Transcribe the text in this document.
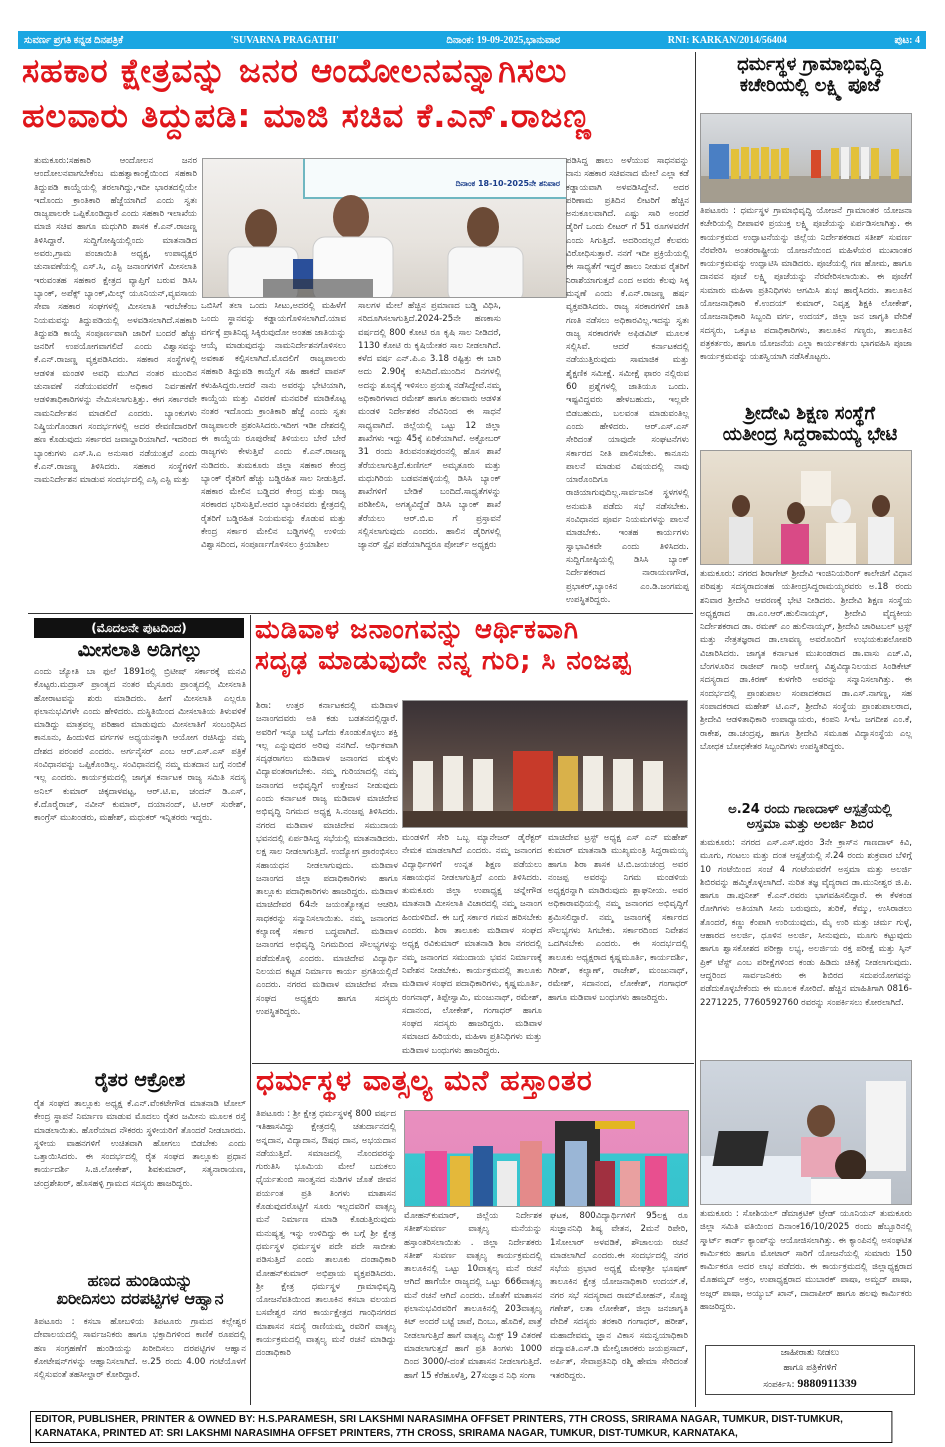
ಸುವರ್ಣ ಪ್ರಗತಿ ಕನ್ನಡ ದಿನಪತ್ರಿಕೆ	'SUVARNA PRAGATHI'	ದಿನಾಂಕ: 19-09-2025,ಭಾನುವಾರ	RNI: KARKAN/2014/56404	ಪುಟ: 4
ಸಹಕಾರ ಕ್ಷೇತ್ರವನ್ನು ಜನರ ಆಂದೋಲನವನ್ನಾಗಿಸಲು
ಹಲವಾರು ತಿದ್ದುಪಡಿ: ಮಾಜಿ ಸಚಿವ ಕೆ.ಎನ್.ರಾಜಣ್ಣ
ದಿನಾಂಕ 18-10-2025ನೇ ಶನಿವಾರ
ತುಮಕೂರು:ಸಹಕಾರಿ ಆಂದೋಲನ ಜನರ ಆಂದೋಲನವಾಗಬೇಕೆಂಬ ಮಹತ್ವಾಕಾಂಕ್ಷೆಯಿಂದ ಸಹಕಾರಿ ತಿದ್ದುಪಡಿ ಕಾಯ್ದೆಯಲ್ಲಿ ತರಲಾಗಿದ್ದು,ಇದೀ ಭಾರತದಲ್ಲಿಯೇ ಇದೊಂದು ಕ್ರಾಂತಿಕಾರಿ ಹೆಜ್ಜೆಯಾಗಿದೆ ಎಂದು ಸ್ವತಃ ರಾಜ್ಯಪಾಲರೇ ಒಪ್ಪಿಕೊಂಡಿದ್ದಾರೆ ಎಂದು ಸಹಕಾರಿ ಇಲಾಖೆಯ ಮಾಜಿ ಸಚಿವ ಹಾಗೂ ಮಧುಗಿರಿ ಶಾಸಕ ಕೆ.ಎನ್.ರಾಜಣ್ಣ ತಿಳಿಸಿದ್ದಾರೆ. ಸುದ್ದಿಗೋಷ್ಠಿಯಲ್ಲಿಂದು ಮಾತನಾಡಿದ ಅವರು,ಗ್ರಾಮ ಪಂಚಾಯಿತಿ ಅಧ್ಯಕ್ಷ, ಉಪಾಧ್ಯಕ್ಷರ ಚುನಾವಣೆಯಲ್ಲಿ ಎಸ್.ಸಿ, ಎಸ್ಟಿ ಜನಾಂಗಗಳಿಗೆ ಮೀಸಲಾತಿ ಇರುವಂತಹ ಸಹಕಾರ ಕ್ಷೇತ್ರದ ವ್ಯಾಪ್ತಿಗೆ ಬರುವ ಡಿಸಿಸಿ ಬ್ಯಾಂಕ್, ಅಪೆಕ್ಸ್ ಬ್ಯಾಂಕ್,ಮಿಲ್ಕ್ ಯೂನಿಯನ್,ವ್ಯವಸಾಯ ಸೇವಾ ಸಹಕಾರ ಸಂಘಗಳಲ್ಲಿ ಮೀಸಲಾತಿ ಇರಬೇಕೆಂಬ ನಿಯಮವನ್ನು ತಿದ್ದುಪಡಿಯಲ್ಲಿ ಅಳವಡಿಸಲಾಗಿದೆ.ಸಹಕಾರಿ ತಿದ್ದುಪಡಿ ಕಾಯ್ದೆ ಸಂಪೂರ್ಣವಾಗಿ ಜಾರಿಗೆ ಬಂದರೆ ಹೆಚ್ಚು ಜನರಿಗೆ ಉಪಯೋಗವಾಗಲಿದೆ ಎಂದು ವಿಶ್ವಾಸವನ್ನು ಕೆ.ಎನ್.ರಾಜಣ್ಣ ವ್ಯಕ್ತಪಡಿಸಿದರು. ಸಹಕಾರ ಸಂಸ್ಥೆಗಳಲ್ಲಿ ಆಡಳಿತ ಮಂಡಳಿ ಅವಧಿ ಮುಗಿದ ನಂತರ ಮುಂದಿನ ಚುನಾವಣೆ ನಡೆಯುವವರೆಗೆ ಅಧಿಕಾರ ನಿರ್ವಹಣೆಗೆ ಆಡಳಿತಾಧಿಕಾರಿಗಳನ್ನು ನೇಮಿಸಲಾಗುತ್ತಿತ್ತು. ಈಗ ಸರ್ಕಾರವೇ ನಾಮನಿರ್ದೇಶನ ಮಾಡಲಿದೆ ಎಂದರು. ಬ್ಯಾಂಕುಗಳು ನಿಷ್ಕ್ರಿಯಗೊಂಡಾಗ ಸಂದರ್ಭಗಳಲ್ಲಿ ಅದರ ಠೇವಣಿದಾರರಿಗೆ ಹಣ ಕೊಡುವುದು ಸರ್ಕಾರದ ಜವಾಬ್ದಾರಿಯಾಗಿದೆ. ಇದರಿಂದ ಬ್ಯಾಂಕುಗಳು ಎಸ್.ಸಿ.ಎ ಅನುಸಾರ ನಡೆಯುತ್ತವೆ ಎಂದು ಕೆ.ಎನ್.ರಾಜಣ್ಣ ತಿಳಿಸಿದರು. ಸಹಕಾರ ಸಂಸ್ಥೆಗಳಿಗೆ ನಾಮನಿರ್ದೇಶನ ಮಾಡುವ ಸಂದರ್ಭದಲ್ಲಿ ಎಸ್ಸಿ ಎಸ್ಟಿ ಮತ್ತು
ಒಬಿಸಿಗೆ ತಲಾ ಒಂದು ಸೀಟು,ಅದರಲ್ಲಿ ಮಹಿಳೆಗೆ ಒಂದು ಸ್ಥಾನವನ್ನು ಕಡ್ಡಾಯಗೊಳಿಸಲಾಗಿದೆ.ಯಾವ ವರ್ಗಕ್ಕೆ ಪ್ರಾತಿನಿಧ್ಯ ಸಿಕ್ಕಿರುವುದೋ ಅಂತಹ ಜಾತಿಯನ್ನು ಆಯ್ಕೆ ಮಾಡುವುದನ್ನು ನಾಮನಿರ್ದೇಶನಗೊಳಿಸಲು ಅವಕಾಶ ಕಲ್ಪಿಸಲಾಗಿದೆ.ಮೊದಲಿಗೆ ರಾಜ್ಯಪಾಲರು ಸಹಕಾರಿ ತಿದ್ದುಪಡಿ ಕಾಯ್ದೆಗೆ ಸಹಿ ಹಾಕದೆ ವಾಪಸ್ ಕಳುಹಿಸಿದ್ದರು.ಆದರೆ ನಾನು ಅವರನ್ನು ಭೇಟಿಯಾಗಿ, ಕಾಯ್ದೆಯ ಮತ್ತು ವಿವರಣೆ ಮನವರಿಕೆ ಮಾಡಿಕೊಟ್ಟ ನಂತರ ಇದೊಂದು ಕ್ರಾಂತಿಕಾರಿ ಹೆಜ್ಜೆ ಎಂದು ಸ್ವತಃ ರಾಜ್ಯಪಾಲರೇ ಪ್ರಶಂಸಿಸಿದರು.ಇದೀಗ ಇಡೀ ದೇಶದಲ್ಲಿ ಈ ಕಾಯ್ದೆಯ ರೂಪುರೇಷೆ ತಿಳಿಯಲು ಬೇರೆ ಬೇರೆ ರಾಜ್ಯಗಳು ಕೇಳುತ್ತಿವೆ ಎಂದು ಕೆ.ಎನ್.ರಾಜಣ್ಣ ನುಡಿದರು. ತುಮಕೂರು ಜಿಲ್ಲಾ ಸಹಕಾರ ಕೇಂದ್ರ ಬ್ಯಾಂಕ್ ರೈತರಿಗೆ ಹೆಚ್ಚು ಬಡ್ಡಿರಹಿತ ಸಾಲ ನೀಡುತ್ತಿದೆ. ಸಹಕಾರ ಮೇಲಿನ ಬಡ್ಡಿದರ ಕೇಂದ್ರ ಮತ್ತು ರಾಜ್ಯ ಸರಕಾರದ ಭರಿಸುತ್ತಿವೆ.ಅದರ ಬ್ಯಾಂಕಿನವರು ಕ್ಷೇತ್ರದಲ್ಲಿ ರೈತರಿಗೆ ಬಡ್ಡಿರಹಿತ ನಿಯಮವನ್ನು ಕೊಡುವ ಮತ್ತು ಕೇಂದ್ರ ಸರ್ಕಾರ ಮೇಲಿನ ಬಡ್ಡಿಗಳಲ್ಲಿ ಉಳಿಯ ವಿಶ್ವಾಸದಿಂದ, ಸಂಪೂರ್ಣಗೊಳಿಸಲು ಕ್ರಿಯಾಶೀಲ
ಸಾಲಗಳ ಮೇಲೆ ಹೆಚ್ಚಿನ ಪ್ರಮಾಣದ ಬಡ್ಡಿ ವಿಧಿಸಿ, ಸರಿದೂಗಿಸಲಾಗುತ್ತಿದೆ.2024-25ನೇ ಹಣಕಾಸು ವರ್ಷದಲ್ಲಿ 800 ಕೋಟಿ ರೂ ಕೃಷಿ ಸಾಲ ನೀಡಿದರೆ, 1130 ಕೋಟಿ ರು ಕೃಷಿಯೇತರ ಸಾಲ ನೀಡಲಾಗಿದೆ. ಕಳೆದ ವರ್ಷ ಎನ್.ಪಿ.ಎ 3.18 ರಷ್ಟಿತ್ತು ಈ ಬಾರಿ ಅದು 2.90ಕ್ಕೆ ಕುಸಿದಿದೆ.ಮುಂದಿನ ದಿನಗಳಲ್ಲಿ ಅದನ್ನು ಶೂನ್ಯಕ್ಕೆ ಇಳಿಸಲು ಪ್ರಯತ್ನ ನಡೆಸಿದ್ದೇವೆ.ನಮ್ಮ ಅಧಿಕಾರಿಗಳಾದ ರಮೇಶ್ ಹಾಗೂ ಹಲವಾರು ಆಡಳಿತ ಮಂಡಳಿ ನಿರ್ದೇಶಕರ ನೆರವಿನಿಂದ ಈ ಸಾಧನೆ ಸಾಧ್ಯವಾಗಿದೆ. ಜಿಲ್ಲೆಯಲ್ಲಿ ಒಟ್ಟು 12 ಜಿಲ್ಲಾ ಶಾಖೆಗಳು ಇದ್ದು 45ಕ್ಕೆ ಏರಿಕೆಯಾಗಿವೆ. ಅಕ್ಟೋಬರ್ 31 ರಂದು ತಿರುವನಂತಪುರಂನಲ್ಲಿ ಹೊಸ ಶಾಖೆ ತೆರೆಯಲಾಗುತ್ತಿದೆ.ಕುಣಿಗಲ್ ಅಮೃತೂರು ಮತ್ತು ಮಧುಗಿರಿಯ ಬಡವನಹಳ್ಳಿಯಲ್ಲಿ ಡಿಸಿಸಿ ಬ್ಯಾಂಕ್ ಶಾಖೆಗಳಿಗೆ ಬೇಡಿಕೆ ಬಂದಿದೆ.ಸಾಧ್ಯತೆಗಳನ್ನು ಪರಿಶೀಲಿಸಿ, ಅಗತ್ಯವಿದ್ದೆಡೆ ಡಿಸಿಸಿ ಬ್ಯಾಂಕ್ ಶಾಖೆ ತೆರೆಯಲು ಆರ್.ಬಿ.ಐ ಗೆ ಪ್ರಸ್ತಾವನೆ ಸಲ್ಲಿಸಲಾಗುವುದು ಎಂದರು. ಹಾಲಿನ ಡೈರಿಗಳಲ್ಲಿ ಜ್ಯಾನರ್ ಸ್ಪೈನ ಪಡೆಯಾಗಿದ್ದರೂ ಪೋರ್ಜ್ ಅಧ್ಯಕ್ಷರು
ಪಡಿಸಿದ್ದ ಹಾಲು ಅಳೆಯುವ ಸಾಧನವನ್ನು ನಾನು ಸಹಕಾರ ಸಚಿವನಾದ ಮೇಲೆ ಎಲ್ಲಾ ಕಡೆ ಕಡ್ಡಾಯವಾಗಿ ಅಳವಡಿಸಿದ್ದೇನೆ. ಅದರ ಪರಿಣಾಮ ಪ್ರತಿದಿನ ಲೀಟರಿಗೆ ಹೆಚ್ಚಿನ ಅನುಕೂಲವಾಗಿದೆ. ಎಷ್ಟು ಸಾರಿ ಅಂದರೆ ಡೈರಿಗೆ ಒಂದು ಲೀಟರ್ ಗೆ 51 ರೂಗಳವರೆಗೆ ಎಂದು ಸಿಗುತ್ತಿದೆ. ಅದರಿಂದಲ್ಲದೆ ಕೆಲವರು ವಿರೋಧಿಸುತ್ತಾರೆ. ನನಗೆ ಇದೀ ಪ್ರಕ್ರಿಯೆಯಲ್ಲಿ ಈ ಸಾಧ್ಯತೆಗೆ ಇದ್ದರೆ ಹಾಲು ನೀಡುವ ರೈತರಿಗೆ ನಿರಾಶೆಯಾಗುತ್ತದೆ ಎಂದ ಅವರು ಕೆಲವು ಸಿಕ್ಕ ಮನ್ನಣೆ ಎಂದು ಕೆ.ಎನ್.ರಾಜಣ್ಣ ಹರ್ಷ ವ್ಯಕ್ತಪಡಿಸಿದರು. ರಾಜ್ಯ ಸರಕಾರಗಳಿಗೆ ಜಾತಿ ಗಣತಿ ನಡೆಸಲು ಅಧಿಕಾರವಿಲ್ಲ.ಇದನ್ನು ಸ್ವತಃ ರಾಜ್ಯ ಸರಕಾರಗಳೇ ಅಫಿಡವಿಟ್ ಮೂಲಕ ಸಲ್ಲಿಸಿವೆ. ಆದರೆ ಕರ್ನಾಟಕದಲ್ಲಿ ನಡೆಯುತ್ತಿರುವುದು ಸಾಮಾಜಿಕ ಮತ್ತು ಶೈಕ್ಷಣಿಕ ಸಮೀಕ್ಷೆ. ಸಮೀಕ್ಷೆ ಫಾರಂ ನಲ್ಲಿರುವ 60 ಪ್ರಶ್ನೆಗಳಲ್ಲಿ ಜಾತಿಯೂ ಒಂದು. ಇಷ್ಟವಿದ್ದವರು ಹೇಳಬಹುದು, ಇಲ್ಲವೇ ಬಿಡಬಹುದು, ಬಲವಂತ ಮಾಡುವಂತಿಲ್ಲ ಎಂದು ಹೇಳಿದರು. ಆರ್.ಎಸ್.ಎಸ್ ಸೇರಿದಂತೆ ಯಾವುದೇ ಸಂಘಟನೆಗಳು ಸರ್ಕಾರದ ನೀತಿ ಪಾಲಿಸಬೇಕು. ಕಾನೂನು ಪಾಲನೆ ಮಾಡುವ ವಿಷಯದಲ್ಲಿ ನಾವು ಯಾರೊಂದಿಗೂ ರಾಜಿಯಾಗುವುದಿಲ್ಲ.ಸಾರ್ವಜನಿಕ ಸ್ಥಳಗಳಲ್ಲಿ ಅನುಮತಿ ಪಡೆದು ಸಭೆ ನಡೆಸಬೇಕು. ಸಂವಿಧಾನದ ಪೂರ್ವ ನಿಯಮಗಳನ್ನು ಪಾಲನೆ ಮಾಡಬೇಕು. ಇಂತಹ ಕಾರ್ಯಗಳು ಸ್ವಾಭಾವಿಕವೇ ಎಂದು ತಿಳಿಸಿದರು. ಸುದ್ದಿಗೋಷ್ಠಿಯಲ್ಲಿ ಡಿಸಿಸಿ ಬ್ಯಾಂಕ್ ನಿರ್ದೇಶಕರಾದ ನಾರಾಯಣಗೌಡ, ಪ್ರಭಾಕರ್,ಬ್ಯಾಂಕಿನ ಎಂ.ಡಿ.ಜಂಗಮಪ್ಪ ಉಪಸ್ಥಿತರಿದ್ದರು.
ಧರ್ಮಸ್ಥಳ ಗ್ರಾಮಾಭಿವೃದ್ಧಿ
ಕಚೇರಿಯಲ್ಲಿ ಲಕ್ಷ್ಮಿ ಪೂಜೆ
ತಿಪಟೂರು : ಧರ್ಮಸ್ಥಳ ಗ್ರಾಮಾಭಿವೃದ್ಧಿ ಯೋಜನೆ ಗ್ರಾಮಾಂತರ ಯೋಜನಾ ಕಚೇರಿಯಲ್ಲಿ ದೀಪಾವಳಿ ಪ್ರಯುಕ್ತ ಲಕ್ಷ್ಮಿ ಪೂಜೆಯನ್ನು ಏರ್ಪಡಿಸಲಾಗಿತ್ತು. ಈ ಕಾರ್ಯಕ್ರಮದ ಉದ್ಘಾಟನೆಯನ್ನು ಜಿಲ್ಲೆಯ ನಿರ್ದೇಶಕರಾದ ಸತೀಶ್ ಸುವರ್ಣ ನೆರವೇರಿಸಿ ಅಂತರರಾಷ್ಟ್ರೀಯ ಯೋಜನೆಯಿಂದ ಮಹಿಳೆಯರ ಮುಖಾಂತರ ಕಾರ್ಯಕ್ರಮವನ್ನು ಉದ್ಘಾಟಿಸಿ ಮಾಡಿದರು. ಪೂಜೆಯಲ್ಲಿ ಗಣ ಹೋಮ, ಹಾಗೂ ದಾನವನ ಪೂಜೆ ಲಕ್ಷ್ಮಿ ಪೂಜೆಯನ್ನು ನೆರವೇರಿಸಲಾಯಿತು. ಈ ಪೂಜೆಗೆ ಸುಮಾರು ಮಹಿಳಾ ಪ್ರತಿನಿಧಿಗಳು ಆಗಮಿಸಿ ಶುಭ ಹಾರೈಸಿದರು. ತಾಲೂಕಿನ ಯೋಜನಾಧಿಕಾರಿ ಕೆ.ಉದಯ್ ಕುಮಾರ್, ನಿವೃತ್ತ ಶಿಕ್ಷಕಿ ಲೋಕೇಶ್, ಯೋಜನಾಧಿಕಾರಿ ಸಿಬ್ಬಂದಿ ವರ್ಗ, ಉದಯ್, ಜಿಲ್ಲಾ ಜನ ಜಾಗೃತಿ ವೇದಿಕೆ ಸದಸ್ಯರು, ಒಕ್ಕೂಟ ಪದಾಧಿಕಾರಿಗಳು, ತಾಲೂಕಿನ ಗಣ್ಯರು, ತಾಲೂಕಿನ ಪತ್ರಕರ್ತರು, ಹಾಗೂ ಯೋಜನೆಯ ಎಲ್ಲಾ ಕಾರ್ಯಕರ್ತರು ಭಾಗವಹಿಸಿ ಪೂಜಾ ಕಾರ್ಯಕ್ರಮವನ್ನು ಯಶಸ್ವಿಯಾಗಿ ನಡೆಸಿಕೊಟ್ಟರು.
ಶ್ರೀದೇವಿ ಶಿಕ್ಷಣ ಸಂಸ್ಥೆಗೆ
ಯತೀಂದ್ರ ಸಿದ್ದರಾಮಯ್ಯ ಭೇಟಿ
ತುಮಕೂರು: ನಗರದ ಶಿರಾಗೇಟ್ ಶ್ರೀದೇವಿ ಇಂಜಿನಿಯರಿಂಗ್ ಕಾಲೇಜಿಗೆ ವಿಧಾನ ಪರಿಷತ್ತು ಸದಸ್ಯರಾದಂತಹ ಯತೀಂದ್ರಸಿದ್ದರಾಮಯ್ಯರವರು ಅ.18 ರಂದು ಶನಿವಾರ ಶ್ರೀದೇವಿ ಆವರಣಕ್ಕೆ ಭೇಟಿ ನೀಡಿದರು. ಶ್ರೀದೇವಿ ಶಿಕ್ಷಣ ಸಂಸ್ಥೆಯ ಅಧ್ಯಕ್ಷರಾದ ಡಾ.ಎಂ.ಆರ್.ಹುಲಿನಾಯ್ಕರ್, ಶ್ರೀದೇವಿ ವೈದ್ಯಕೀಯ ನಿರ್ದೇಶಕರಾದ ಡಾ. ರಮಣ್ ಎಂ ಹುಲಿನಾಯ್ಕರ್, ಶ್ರೀದೇವಿ ಚಾರಿಟಬಲ್ ಟ್ರಸ್ಟ್ ಮತ್ತು ನೇತ್ರತಜ್ಞರಾದ ಡಾ.ಲಾವಣ್ಯ ಅವರೊಂದಿಗೆ ಉಭಯಕುಶಲೋಪರಿ ವಿಚಾರಿಸಿದರು. ಜಾಗೃತ ಕರ್ನಾಟಕ ಮುಖಂಡರಾದ ಡಾ.ವಾಸು ಎಚ್.ವಿ, ಬೆಂಗಳೂರಿನ ರಾಜೀವ್ ಗಾಂಧಿ ಆರೋಗ್ಯ ವಿಶ್ವವಿದ್ಯಾನಿಲಯದ ಸಿಂಡಿಕೇಟ್ ಸದಸ್ಯರಾದ ಡಾ.ಕಿರಣ್ ಕುಳಗೇರಿ ಅವರನ್ನು ಸನ್ಮಾನಿಸಲಾಗಿತ್ತು. ಈ ಸಂದರ್ಭದಲ್ಲಿ ಪ್ರಾಂಶುಪಾಲ ಸಂಪಾದಕರಾದ ಡಾ.ಎಸ್.ನಾಗಣ್ಣ, ಸಹ ಸಂಪಾದಕರಾದ ಮಹೇಶ್ ಟಿ.ಎನ್, ಶ್ರೀದೇವಿ ಸಂಸ್ಥೆಯ ಪ್ರಾಂಶುಪಾಲರಾದ, ಶ್ರೀದೇವಿ ಆಡಳಿತಾಧಿಕಾರಿ ಉಪಾಧ್ಯಾಯರು, ಕಂಪನಿ ಸಿಇಓ ಜಗದೀಶ ಎಂ.ಕೆ, ರಾಕೇಶ, ಡಾ.ಚಂದ್ರಪ್ಪ, ಹಾಗೂ ಶ್ರೀದೇವಿ ಸಮೂಹ ವಿದ್ಯಾಸಂಸ್ಥೆಯ ಎಲ್ಲ ಬೋಧಕ ಬೋಧಕೇತರ ಸಿಬ್ಬಂದಿಗಳು ಉಪಸ್ಥಿತರಿದ್ದರು.
ಅ.24 ರಂದು ಗಾಣದಾಳ್ ಆಸ್ಪತ್ರೆಯಲ್ಲಿ
ಅಸ್ತಮಾ ಮತ್ತು ಅಲರ್ಜಿ ಶಿಬಿರ
ತುಮಕೂರು: ನಗರದ ಎಸ್.ಎಸ್.ಪುರಂ 3ನೇ ಕ್ರಾಸ್‌ನ ಗಾಣದಾಳ್ ಕಿವಿ, ಮೂಗು, ಗಂಟಲು ಮತ್ತು ದಂತ ಆಸ್ಪತ್ರೆಯಲ್ಲಿ ಸೆ.24 ರಂದು ಶುಕ್ರವಾರ ಬೆಳಿಗ್ಗೆ 10 ಗಂಟೆಯಿಂದ ಸಂಜೆ 4 ಗಂಟೆಯವರೆಗೆ ಅಸ್ತಮಾ ಮತ್ತು ಅಲರ್ಜಿ ಶಿಬಿರವನ್ನು ಹಮ್ಮಿಕೊಳ್ಳಲಾಗಿದೆ. ನುರಿತ ತಜ್ಞ ವೈದ್ಯರಾದ ಡಾ.ಮುನೀಶ್ವರ ಜಿ.ಪಿ. ಹಾಗೂ ಡಾ.ಪುನೀತ್ ಕೆ.ಎನ್.ರವರು ಭಾಗವಹಿಸಲಿದ್ದಾರೆ. ಈ ಕೆಳಕಂಡ ರೋಗಿಗಳು ಅತಿಯಾಗಿ ಸೀನು ಬರುವುದು, ತುರಿಕೆ, ಕೆಮ್ಮು, ಉಸಿರಾಡಲು ತೊಂದರೆ, ಕಣ್ಣು ಕೆಂಪಾಗಿ ಉರಿಯುವುದು, ಮೈ ಉರಿ ಮತ್ತು ಚರ್ಮ ಗುಳ್ಳೆ, ಆಹಾರದ ಅಲರ್ಜಿ, ಧೂಳಿನ ಅಲರ್ಜಿ, ಸೀನುವುದು, ಮೂಗು ಕಟ್ಟುವುದು ಹಾಗೂ ಶ್ವಾಸಕೋಶದ ಪರೀಕ್ಷಾ ಲಭ್ಯ, ಅಲರ್ಜಿಯ ರಕ್ತ ಪರೀಕ್ಷೆ ಮತ್ತು ಸ್ಕಿನ್ ಪ್ರಿಕ್ ಟೆಸ್ಟ್ ಎಂಬ ಪರೀಕ್ಷೆಗಳಿಂದ ಕಂಡು ಹಿಡಿದು ಚಿಕಿತ್ಸೆ ನೀಡಲಾಗುವುದು. ಆದ್ದರಿಂದ ಸಾರ್ವಜನಿಕರು ಈ ಶಿಬಿರದ ಸದುಪಯೋಗವನ್ನು ಪಡೆದುಕೊಳ್ಳಬೇಕೆಂದು ಈ ಮೂಲಕ ಕೋರಿದೆ. ಹೆಚ್ಚಿನ ಮಾಹಿತಿಗಾಗಿ 0816-2271225, 7760592760 ರವರನ್ನು ಸಂಪರ್ಕಿಸಲು ಕೋರಲಾಗಿದೆ.
ತುಮಕೂರು : ಸೋಶಿಯಲ್ ಡೆಮಾಕ್ರಟಿಕ್ ಟ್ರೇಡ್ ಯೂನಿಯನ್ ತುಮಕೂರು ಜಿಲ್ಲಾ ಸಮಿತಿ ವತಿಯಿಂದ ದಿನಾಂಕ16/10/2025 ರಂದು ಹೆಬ್ಬೂರಿನಲ್ಲಿ ಸ್ಮಾರ್ಟ್ ಕಾರ್ಡ್ ಕ್ಯಾಂಪ್‌ನ್ನು ಆಯೋಜಿಸಲಾಗಿತ್ತು. ಈ ಕ್ಯಾಂಪಿನಲ್ಲಿ ಅಸಂಘಟಿತ ಕಾರ್ಮಿಕರು ಹಾಗೂ ಮೋಟಾರ್ ಸಾರಿಗೆ ಯೋಜನೆಯಲ್ಲಿ ಸುಮಾರು 150 ಕಾರ್ಮಿಕರೂ ಅದರ ಲಾಭ ಪಡೆದರು. ಈ ಕಾರ್ಯಕ್ರಮದಲ್ಲಿ ಜಿಲ್ಲಾಧ್ಯಕ್ಷರಾದ ಮೊಹಮ್ಮದ್ ಅಕ್ರಂ, ಉಪಾಧ್ಯಕ್ಷರಾದ ಮುಬಾರಕ್ ಪಾಷಾ, ಅಮ್ಜದ್ ಪಾಷಾ, ಅಜ್ಗರ್ ಪಾಷಾ, ಅಯ್ಯುಬ್ ಖಾನ್, ದಾದಾಪೀರ್ ಹಾಗೂ ಹಲವು ಕಾರ್ಮಿಕರು ಹಾಜರಿದ್ದರು.
ಜಾಹೀರಾತು ನೀಡಲು
ಹಾಗೂ ಪತ್ರಿಕೆಗಳಿಗೆ
ಸಂಪರ್ಕಿಸಿ: 9880911339
(ಮೊದಲನೇ ಪುಟದಿಂದ)
ಮೀಸಲಾತಿ ಅಡಿಗಲ್ಲು
ಎಂದು ಜ್ಯೋತಿ ಬಾ ಫುಲೆ 1891ರಲ್ಲಿ ಬ್ರಿಟೀಷ್ ಸರ್ಕಾರಕ್ಕೆ ಮನವಿ ಕೊಟ್ಟರು.ಮದ್ರಾಸ್ ಪ್ರಾಂತ್ಯದ ನಂತರ ಮೈಸೂರು ಪ್ರಾಂತ್ಯದಲ್ಲಿ ಮೀಸಲಾತಿ ಹೋರಾಟವನ್ನು ಶುರು ಮಾಡಿದರು. ಹೀಗೆ ಮೀಸಲಾತಿ ಎಲ್ಲರೂ ಫಲಾನುಭವಿಗಳೇ ಎಂದು ಹೇಳಿದರು. ದುಸ್ಥಿತಿಯಿಂದ ಮೀಸಲಾತಿಯ ತಿಳುವಳಿಕೆ ಮಾಡಿದ್ದು ಮಾತ್ರವಲ್ಲ ಪರಿಹಾರ ಮಾಡುವುದು ಮೀಸಲಾತಿಗೆ ಸಂಬಂಧಿಸಿದ ಕಾನೂನು, ಹಿಂದುಳಿದ ವರ್ಗಗಳ ಅಧ್ಯಯನಕ್ಕಾಗಿ ಆಯೋಗ ರಚಿಸಿದ್ದು ನಮ್ಮ ದೇಶದ ಪರಂಪರೆ ಎಂದರು. ಅರ್ಗನೈಸರ್ ಎಂಬ ಆರ್.ಎಸ್.ಎಸ್ ಪತ್ರಿಕೆ ಸಂವಿಧಾನವನ್ನು ಒಪ್ಪಿಕೊಂಡಿಲ್ಲ. ಸಂವಿಧಾನದಲ್ಲಿ ನಮ್ಮ ಮತದಾನ ಬಗ್ಗೆ ನಂಬಿಕೆ ಇಲ್ಲ ಎಂದರು. ಕಾರ್ಯಕ್ರಮದಲ್ಲಿ ಜಾಗೃತ ಕರ್ನಾಟಕ ರಾಜ್ಯ ಸಮಿತಿ ಸದಸ್ಯ ಅನಿಲ್ ಕುಮಾರ್ ಚಿಕ್ಕದಾಳವಟ್ಟ, ಆರ್.ಟಿ.ಐ, ಚಂದನ್ ಡಿ.ಎಸ್, ಕೆ.ದೊರೈರಾಜ್, ನವೀನ್ ಕುಮಾರ್, ದಯಾನಂದ್, ಟಿ.ಆರ್ ಸುರೇಶ್, ಕಾಂಗ್ರೆಸ್ ಮುಖಂಡರು, ಮಹೇಶ್, ಮಧುಕರ್ ಇನ್ನಿತರರು ಇದ್ದರು.
ರೈತರ ಆಕ್ರೋಶ
ರೈತ ಸಂಘದ ತಾಲ್ಲೂಕು ಅಧ್ಯಕ್ಷ ಕೆ.ಎನ್.ವೆಂಕಟೇಗೌಡ ಮಾತನಾಡಿ ಟೋಲ್ ಕೇಂದ್ರ ಸ್ಥಾಪನೆ ನಿರ್ಮಾಣ ಮಾಡುವ ಮೊದಲು ರೈತರ ಜಮೀನು ಮೂಲಕ ರಸ್ತೆ ಮಾಡಲಾಯಿತು. ಹೊರೆಯಾದ ನೌಕರರು ಸ್ಥಳೀಯರಿಗೆ ತೊಂದರೆ ನೀಡಬಾರದು. ಸ್ಥಳೀಯ ವಾಹನಗಳಿಗೆ ಉಚಿತವಾಗಿ ಹೋಗಲು ಬಿಡಬೇಕು ಎಂದು ಒತ್ತಾಯಿಸಿದರು. ಈ ಸಂದರ್ಭದಲ್ಲಿ ರೈತ ಸಂಘದ ತಾಲ್ಲೂಕು ಪ್ರಧಾನ ಕಾರ್ಯದರ್ಶಿ ಸಿ.ಜಿ.ಲೋಕೇಶ್, ಶಿವಕುಮಾರ್, ಸತ್ಯನಾರಾಯಣ, ಚಂದ್ರಶೇಖರ್, ಹೊಸಹಳ್ಳಿ ಗ್ರಾಮದ ಸದಸ್ಯರು ಹಾಜರಿದ್ದರು.
ಹಣದ ಹುಂಡಿಯನ್ನು
ಖರೀದಿಸಲು ದರಪಟ್ಟಿಗಳ ಆಹ್ವಾನ
ತಿಪಟೂರು : ಕಸಬಾ ಹೋಬಳಿಯ ತಿಪಟೂರು ಗ್ರಾಮದ ಕಲ್ಲೇಶ್ವರ ದೇವಾಲಯದಲ್ಲಿ ಸಾರ್ವಜನಿಕರು ಹಾಗೂ ಭಕ್ತಾದಿಗಳಿಂದ ಕಾಣಿಕೆ ರೂಪದಲ್ಲಿ ಹಣ ಸಂಗ್ರಹಣೆಗೆ ಹುಂಡಿಯನ್ನು ಖರೀದಿಸಲು ದರಪಟ್ಟಿಗಳ ಆಹ್ವಾನ ಕೋಟೇಷನ್‌ಗಳನ್ನು ಆಹ್ವಾನಿಸಲಾಗಿದೆ. ಅ.25 ರಂದು 4.00 ಗಂಟೆಯೊಳಗೆ ಸಲ್ಲಿಸುವಂತೆ ತಹಸೀಲ್ದಾರ್ ಕೋರಿದ್ದಾರೆ.
ಮಡಿವಾಳ ಜನಾಂಗವನ್ನು ಆರ್ಥಿಕವಾಗಿ
ಸದೃಢ ಮಾಡುವುದೇ ನನ್ನ ಗುರಿ; ಸಿ ನಂಜಪ್ಪ
ಶಿರಾ: ಉತ್ತರ ಕರ್ನಾಟಕದಲ್ಲಿ ಮಡಿವಾಳ ಜನಾಂಗದವರು ಅತಿ ಕಡು ಬಡತನದಲ್ಲಿದ್ದಾರೆ. ಅವರಿಗೆ ಇನ್ನೂ ಬಟ್ಟೆ ಒಗೆದು ಕೊಂಡುಕೊಳ್ಳಲು ಶಕ್ತಿ ಇಲ್ಲ ಎನ್ನುವುದರ ಅರಿವು ನನಗಿದೆ. ಆರ್ಥಿಕವಾಗಿ ಸದೃಢರಾಗಲು ಮಡಿವಾಳ ಜನಾಂಗದ ಮಕ್ಕಳು ವಿದ್ಯಾವಂತರಾಗಬೇಕು. ನಮ್ಮ ಗುರಿಯಾದಲ್ಲಿ ನಮ್ಮ ಜನಾಂಗದ ಅಭಿವೃದ್ಧಿಗೆ ಉತ್ತೇಜನ ನೀಡುವುದು ಎಂದು ಕರ್ನಾಟಕ ರಾಜ್ಯ ಮಡಿವಾಳ ಮಾಚಿದೇವ ಅಭಿವೃದ್ಧಿ ನಿಗಮದ ಅಧ್ಯಕ್ಷ ಸಿ.ನಂಜಪ್ಪ ತಿಳಿಸಿದರು. ನಗರದ ಮಡಿವಾಳ ಮಾಚಿದೇವ ಸಮುದಾಯ ಭವನದಲ್ಲಿ ಏರ್ಪಡಿಸಿದ್ದ ಸಭೆಯಲ್ಲಿ ಮಾತನಾಡಿದರು. ಲಕ್ಷ ಸಾಲ ನೀಡಲಾಗುತ್ತಿದೆ. ಉದ್ಯೋಗ ಪ್ರಾರಂಭಿಸಲು ಸಹಾಯಧನ ನೀಡಲಾಗುವುದು. ಮಡಿವಾಳ ಜನಾಂಗದ ಜಿಲ್ಲಾ ಪದಾಧಿಕಾರಿಗಳು ಹಾಗೂ ತಾಲ್ಲೂಕು ಪದಾಧಿಕಾರಿಗಳು ಹಾಜರಿದ್ದರು. ಮಡಿವಾಳ ಮಾಚಿದೇವರ 64ನೇ ಜಯಂತ್ಯೋತ್ಸವ ಆಚರಿಸಿ ಸಾಧಕರನ್ನು ಸನ್ಮಾನಿಸಲಾಯಿತು. ನಮ್ಮ ಜನಾಂಗದ ಕಲ್ಯಾಣಕ್ಕೆ ಸರ್ಕಾರ ಬದ್ಧವಾಗಿದೆ. ಮಡಿವಾಳ ಜನಾಂಗದ ಅಭಿವೃದ್ಧಿ ನಿಗಮದಿಂದ ಸೌಲಭ್ಯಗಳನ್ನು ಪಡೆದುಕೊಳ್ಳಿ ಎಂದರು. ಮಾಚಿದೇವ ವಿದ್ಯಾರ್ಥಿ ನಿಲಯದ ಕಟ್ಟಡ ನಿರ್ಮಾಣ ಕಾರ್ಯ ಪ್ರಗತಿಯಲ್ಲಿದೆ ಎಂದರು. ನಗರದ ಮಡಿವಾಳ ಮಾಚಿದೇವ ಸೇವಾ ಸಂಘದ ಅಧ್ಯಕ್ಷರು ಹಾಗೂ ಸದಸ್ಯರು ಉಪಸ್ಥಿತರಿದ್ದರು.
ಮಂಡಳಿಗೆ ಸೇರಿ ಒಬ್ಬ ಮ್ಯಾನೇಜರ್ ಡೈರೆಕ್ಟರ್ ನೇಮಕ ಮಾಡಲಾಗಿದೆ ಎಂದರು. ನಮ್ಮ ಜನಾಂಗದ ವಿದ್ಯಾರ್ಥಿಗಳಿಗೆ ಉನ್ನತ ಶಿಕ್ಷಣ ಪಡೆಯಲು ಸಹಾಯಧನ ನೀಡಲಾಗುತ್ತಿದೆ ಎಂದು ತಿಳಿಸಿದರು. ತುಮಕೂರು ಜಿಲ್ಲಾ ಉಪಾಧ್ಯಕ್ಷ ಚನ್ನೇಗೌಡ ಮಾತನಾಡಿ ಮೀಸಲಾತಿ ವಿಚಾರದಲ್ಲಿ ನಮ್ಮ ಜನಾಂಗ ಹಿಂದುಳಿದಿದೆ. ಈ ಬಗ್ಗೆ ಸರ್ಕಾರ ಗಮನ ಹರಿಸಬೇಕು ಎಂದರು. ಶಿರಾ ತಾಲೂಕು ಮಡಿವಾಳ ಸಂಘದ ಅಧ್ಯಕ್ಷ ರವಿಕುಮಾರ್ ಮಾತನಾಡಿ ಶಿರಾ ನಗರದಲ್ಲಿ ನಮ್ಮ ಜನಾಂಗದ ಸಮುದಾಯ ಭವನ ನಿರ್ಮಾಣಕ್ಕೆ ನಿವೇಶನ ನೀಡಬೇಕು. ಕಾರ್ಯಕ್ರಮದಲ್ಲಿ ತಾಲೂಕು ಮಡಿವಾಳ ಸಂಘದ ಪದಾಧಿಕಾರಿಗಳು, ಕೃಷ್ಣಮೂರ್ತಿ, ರಂಗನಾಥ್, ತಿಪ್ಪೇಸ್ವಾಮಿ, ಮಂಜುನಾಥ್, ರಮೇಶ್, ಸದಾನಂದ, ಲೋಕೇಶ್, ಗಂಗಾಧರ್ ಹಾಗೂ ಸಂಘದ ಸದಸ್ಯರು ಹಾಜರಿದ್ದರು. ಮಡಿವಾಳ ಸಮಾಜದ ಹಿರಿಯರು, ಮಹಿಳಾ ಪ್ರತಿನಿಧಿಗಳು ಮತ್ತು ಮಡಿವಾಳ ಬಂಧುಗಳು ಹಾಜರಿದ್ದರು.
ಮಾಚಿದೇವ ಟ್ರಸ್ಟ್ ಅಧ್ಯಕ್ಷ ಎಸ್ ಎನ್ ಮಹೇಶ್ ಕುಮಾರ್ ಮಾತನಾಡಿ ಮುಖ್ಯಮಂತ್ರಿ ಸಿದ್ದರಾಮಯ್ಯ ಹಾಗೂ ಶಿರಾ ಶಾಸಕ ಟಿ.ಬಿ.ಜಯಚಂದ್ರ ಅವರ ನಂಜಪ್ಪ ಅವರನ್ನು ನಿಗಮ ಮಂಡಳಿಯ ಅಧ್ಯಕ್ಷರನ್ನಾಗಿ ಮಾಡಿರುವುದು ಶ್ಲಾಘನೀಯ. ಅವರ ಅಧಿಕಾರಾವಧಿಯಲ್ಲಿ ನಮ್ಮ ಜನಾಂಗದ ಅಭಿವೃದ್ಧಿಗೆ ಶ್ರಮಿಸಲಿದ್ದಾರೆ. ನಮ್ಮ ಜನಾಂಗಕ್ಕೆ ಸರ್ಕಾರದ ಸೌಲಭ್ಯಗಳು ಸಿಗಬೇಕು. ಸರ್ಕಾರದಿಂದ ನಿವೇಶನ ಒದಗಿಸಬೇಕು ಎಂದರು. ಈ ಸಂದರ್ಭದಲ್ಲಿ ತಾಲೂಕು ಅಧ್ಯಕ್ಷರಾದ ಕೃಷ್ಣಮೂರ್ತಿ, ಕಾರ್ಯದರ್ಶಿ, ಗಿರೀಶ್, ಕಲ್ಯಾಣ್, ರಾಜೇಶ್, ಮಂಜುನಾಥ್, ರಮೇಶ್, ಸದಾನಂದ, ಲೋಕೇಶ್, ಗಂಗಾಧರ್ ಹಾಗೂ ಮಡಿವಾಳ ಬಂಧುಗಳು ಹಾಜರಿದ್ದರು.
ಧರ್ಮಸ್ಥಳ ವಾತ್ಸಲ್ಯ ಮನೆ ಹಸ್ತಾಂತರ
ತಿಪಟೂರು : ಶ್ರೀ ಕ್ಷೇತ್ರ ಧರ್ಮಸ್ಥಳಕ್ಕೆ 800 ವರ್ಷದ ಇತಿಹಾಸವಿದ್ದು ಕ್ಷೇತ್ರದಲ್ಲಿ ಚತುರ್ದಾನದಲ್ಲಿ ಅನ್ನದಾನ, ವಿದ್ಯಾದಾನ, ಔಷಧ ದಾನ, ಅಭಯದಾನ ನಡೆಯುತ್ತಿದೆ. ಸಮಾಜದಲ್ಲಿ ನೊಂದವರನ್ನು ಗುರುತಿಸಿ ಭೂಮಿಯ ಮೇಲೆ ಬದುಕಲು ಧೈರ್ಯತುಂಬಿ ಸಾಂತ್ವನದ ನುಡಿಗಳ ಜೊತೆ ಜೀವನ ಪರ್ಯಂತ ಪ್ರತಿ ತಿಂಗಳು ಮಾಶಾಸನ ಕೊಡುವುದರೊಟ್ಟಿಗೆ ಸೂರು ಇಲ್ಲದವರಿಗೆ ವಾತ್ಸಲ್ಯ ಮನೆ ನಿರ್ಮಾಣ ಮಾಡಿ ಕೊಡುತ್ತಿರುವುದು ಮನುಷ್ಯತ್ವ ಇನ್ನು ಉಳಿದಿದ್ದು ಈ ಬಗ್ಗೆ ಶ್ರೀ ಕ್ಷೇತ್ರ ಧರ್ಮಸ್ಥಳ ಧರ್ಮಸ್ಥಳ ಪದೇ ಪದೇ ಸಾಬೀತು ಪಡಿಸುತ್ತಿದೆ ಎಂದು ತಾಲೂಕು ದಂಡಾಧಿಕಾರಿ ಮೋಹನ್‌ಕುಮಾರ್ ಅಭಿಪ್ರಾಯ ವ್ಯಕ್ತಪಡಿಸಿದರು. ಶ್ರೀ ಕ್ಷೇತ್ರ ಧರ್ಮಸ್ಥಳ ಗ್ರಾಮಾಭಿವೃದ್ಧಿ ಯೋಜನೆವತಿಯಿಂದ ತಾಲೂಕಿನ ಕಸಬಾ ವಲಯದ ಬಸವೇಶ್ವರ ನಗರ ಕಾರ್ಯಕ್ಷೇತ್ರದ ಗಾಂಧಿನಗರದ ಮಾಶಾಸನ ಸದಸ್ಯೆ ರಾಣಿಯಮ್ಮ ರವರಿಗೆ ವಾತ್ಸಲ್ಯ ಕಾರ್ಯಕ್ರಮದಲ್ಲಿ ವಾತ್ಸಲ್ಯ ಮನೆ ರಚನೆ ಮಾಡಿದ್ದು ದಂಡಾಧಿಕಾರಿ
ಮೋಹನ್‌ಕುಮಾರ್, ಜಿಲ್ಲೆಯ ನಿರ್ದೇಶಕ ಸತೀಶ್‌ಸುವರ್ಣ ವಾತ್ಸಲ್ಯ ಮನೆಯನ್ನು ಹಸ್ತಾಂತರಿಸಲಾಯಿತು . ಜಿಲ್ಲಾ ನಿರ್ದೇಶಕರು ಸತೀಶ್ ಸುವರ್ಣ ವಾತ್ಸಲ್ಯ ಕಾರ್ಯಕ್ರಮದಲ್ಲಿ ತಾಲೂಕಿನಲ್ಲಿ ಒಟ್ಟು 10ವಾತ್ಸಲ್ಯ ಮನೆ ರಚನೆ ಆಗಿದೆ ಹಾಗೆಯೇ ರಾಜ್ಯದಲ್ಲಿ ಒಟ್ಟು 666ವಾತ್ಸಲ್ಯ ಮನೆ ರಚನೆ ಆಗಿದೆ ಎಂದರು. ಜೊತೆಗೆ ಮಾಶಾಸನ ಫಲಾನುಭವಿರವರಿಗೆ ತಾಲೂಕಿನಲ್ಲಿ 203ವಾತ್ಸಲ್ಯ ಕಿಟ್ ಅಂದರೆ ಬಟ್ಟೆ ಚಾಪೆ, ದಿಂಬು, ಹೊದಿಕೆ, ಪಾತ್ರೆ ನೀಡಲಾಗುತ್ತಿದೆ ಹಾಗೆ ವಾತ್ಸಲ್ಯ ಮಿಕ್ಸ್ 19 ವಿತರಣೆ ಮಾಡಲಾಗುತ್ತದೆ ಹಾಗೆ ಪ್ರತಿ ತಿಂಗಳು 1000 ದಿಂದ 3000/-ದಂತೆ ಮಾಶಾಸನ ನೀಡಲಾಗುತ್ತಿದೆ. ಹಾಗೆ 15 ಕೆರೆಹೂಳೆತ್ತಿ, 27ಸುಜ್ಞಾನ ನಿಧಿ ಸಂಗಾ
ಘಟಕ, 800ವಿದ್ಯಾರ್ಥಿಗಳಿಗೆ 95ಲಕ್ಷ ರೂ ಸುಜ್ಞಾನನಿಧಿ ಶಿಷ್ಯ ವೇತನ, 2ಮನೆ ರಿಪೇರಿ, 1ಸೋಲಾರ್ ಅಳವಡಿಕೆ, ಶೌಚಾಲಯ ರಚನೆ ಮಾಡಲಾಗಿದೆ ಎಂದರು.ಈ ಸಂದರ್ಭದಲ್ಲಿ ನಗರ ಸಭೆಯ ಪ್ರಭಾರ ಅಧ್ಯಕ್ಷೆ ಮೇಘಶ್ರೀ ಭೂಷಣ್ ತಾಲೂಕಿನ ಕ್ಷೇತ್ರ ಯೋಜನಾಧಿಕಾರಿ ಉದಯ್.ಕೆ, ನಗರ ಸಭೆ ಸದಸ್ಯರಾದ ರಾಮ್‌ಮೋಹನ್, ಸೊಪ್ಪು ಗಣೇಶ್, ಲತಾ ಲೋಕೇಶ್, ಜಿಲ್ಲಾ ಜನಜಾಗೃತಿ ವೇದಿಕೆ ಸದಸ್ಯರು ತರಕಾರಿ ಗಂಗಾಧರ್, ಹರೀಶ್, ಮಹಾದೇವಮ್ಮ ಜ್ಞಾನ ವಿಕಾಸ ಸಮನ್ವಯಾಧಿಕಾರಿ ಪದ್ಮಾವತಿ.ಎಸ್.ಡಿ ಮೇಲ್ವಿಚಾರಕರು ಜಯಪ್ರಸಾದ್, ಅರ್ಪಿತ್, ಸೇವಾಪ್ರತಿನಿಧಿ ರಶ್ಮಿ ಹೇಮಾ ಸೇರಿದಂತೆ ಇತರರಿದ್ದರು.
EDITOR, PUBLISHER, PRINTER & OWNED BY: H.S.PARAMESH, SRI LAKSHMI NARASIMHA OFFSET PRINTERS, 7TH CROSS, SRIRAMA NAGAR, TUMKUR, DIST-TUMKUR,
KARNATAKA, PRINTED AT: SRI LAKSHMI NARASIMHA OFFSET PRINTERS, 7TH CROSS, SRIRAMA NAGAR, TUMKUR, DIST-TUMKUR, KARNATAKA,
